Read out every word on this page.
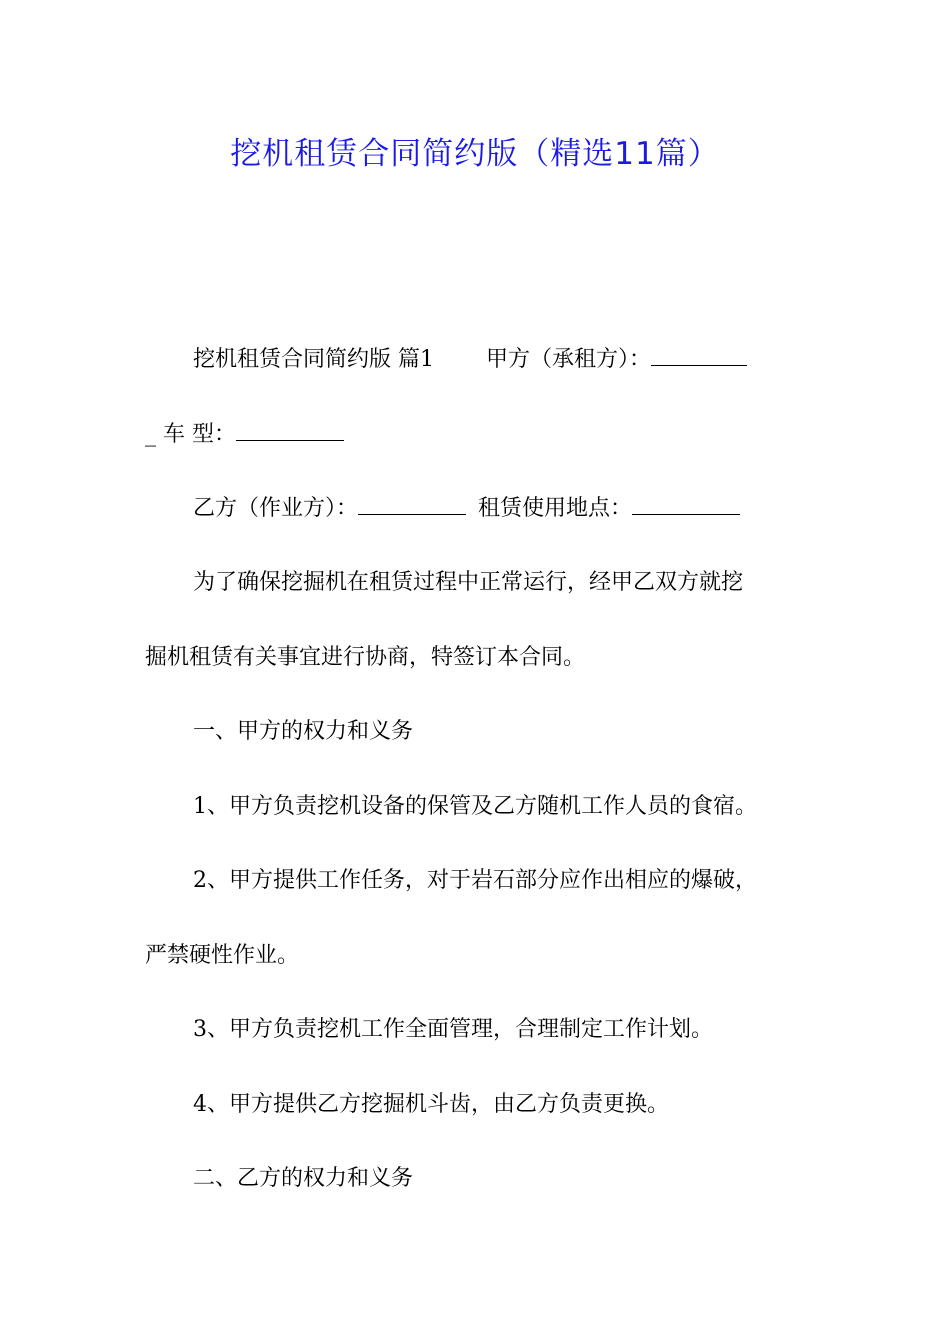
挖机租赁合同简约版（精选11篇）

挖机租赁合同简约版 篇1 甲方（承租方）：

_ 车 型：

乙方（作业方）：	租赁使用地点：

为了确保挖掘机在租赁过程中正常运行，经甲乙双方就挖

掘机租赁有关事宜进行协商，特签订本合同。

一、甲方的权力和义务

1、甲方负责挖机设备的保管及乙方随机工作人员的食宿。

2、甲方提供工作任务，对于岩石部分应作出相应的爆破，

严禁硬性作业。

3、甲方负责挖机工作全面管理，合理制定工作计划。

4、甲方提供乙方挖掘机斗齿，由乙方负责更换。

二、乙方的权力和义务
